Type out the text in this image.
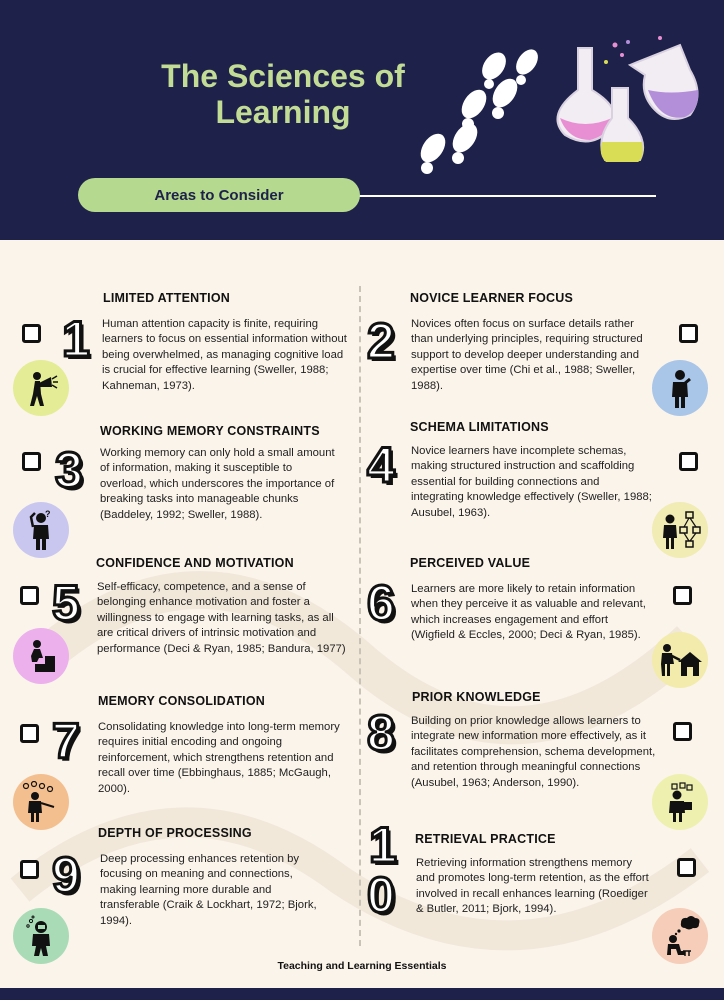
The Sciences of
Learning
Areas to Consider
1
LIMITED ATTENTION
Human attention capacity is finite, requiring learners to focus on essential information without being overwhelmed, as managing cognitive load is crucial for effective learning (Sweller, 1988; Kahneman, 1973).
2
NOVICE LEARNER FOCUS
Novices often focus on surface details rather than underlying principles, requiring structured support to develop deeper understanding and expertise over time (Chi et al., 1988; Sweller, 1988).
3
?
WORKING MEMORY CONSTRAINTS
Working memory can only hold a small amount of information, making it susceptible to overload, which underscores the importance of breaking tasks into manageable chunks (Baddeley, 1992; Sweller, 1988).
4
SCHEMA LIMITATIONS
Novice learners have incomplete schemas, making structured instruction and scaffolding essential for building connections and integrating knowledge effectively (Sweller, 1988; Ausubel, 1963).
5
CONFIDENCE AND MOTIVATION
Self-efficacy, competence, and a sense of belonging enhance motivation and foster a willingness to engage with learning tasks, as all are critical drivers of intrinsic motivation and performance (Deci & Ryan, 1985; Bandura, 1977)
6
PERCEIVED VALUE
Learners are more likely to retain information when they perceive it as valuable and relevant, which increases engagement and effort (Wigfield & Eccles, 2000; Deci & Ryan, 1985).
7
MEMORY CONSOLIDATION
Consolidating knowledge into long-term memory requires initial encoding and ongoing reinforcement, which strengthens retention and recall over time (Ebbinghaus, 1885; McGaugh, 2000).
8
PRIOR KNOWLEDGE
Building on prior knowledge allows learners to integrate new information more effectively, as it facilitates comprehension, schema development, and retention through meaningful connections (Ausubel, 1963; Anderson, 1990).
9
DEPTH OF PROCESSING
Deep processing enhances retention by focusing on meaning and connections, making learning more durable and transferable (Craik & Lockhart, 1972; Bjork, 1994).
1
0
RETRIEVAL PRACTICE
Retrieving information strengthens memory and promotes long-term retention, as the effort involved in recall enhances learning (Roediger & Butler, 2011; Bjork, 1994).
Teaching and Learning Essentials
